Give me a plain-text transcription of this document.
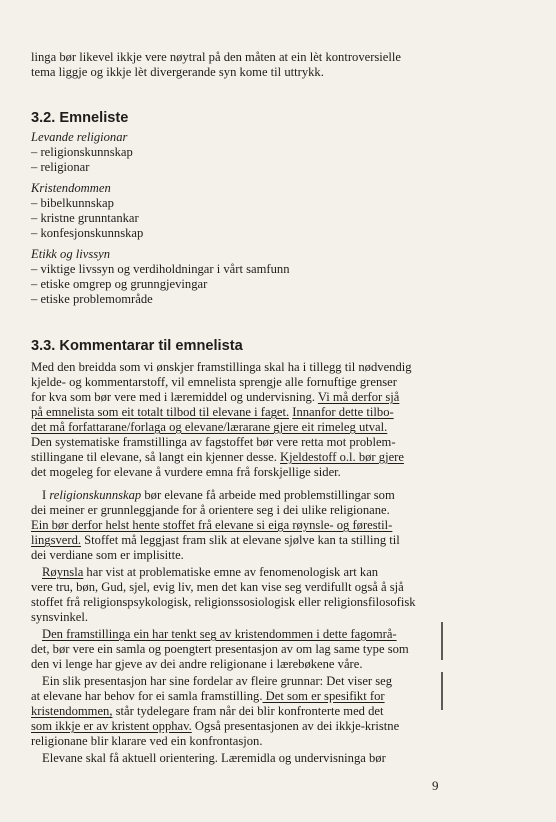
linga bør likevel ikkje vere nøytral på den måten at ein lèt kontroversielle

tema liggje og ikkje lèt divergerande syn kome til uttrykk.

3.2. Emneliste

Levande religionar

– religionskunnskap

– religionar

Kristendommen

– bibelkunnskap

– kristne grunntankar

– konfesjonskunnskap

Etikk og livssyn

– viktige livssyn og verdiholdningar i vårt samfunn

– etiske omgrep og grunngjevingar

– etiske problemområde

3.3. Kommentarar til emnelista

Med den breidda som vi ønskjer framstillinga skal ha i tillegg til nødvendig

kjelde- og kommentarstoff, vil emnelista sprengje alle fornuftige grenser

for kva som bør vere med i læremiddel og undervisning. Vi må derfor sjå

på emnelista som eit totalt tilbod til elevane i faget. Innanfor dette tilbo-

det må forfattarane/forlaga og elevane/lærarane gjere eit rimeleg utval.

Den systematiske framstillinga av fagstoffet bør vere retta mot problem-

stillingane til elevane, så langt ein kjenner desse. Kjeldestoff o.l. bør gjere

det mogeleg for elevane å vurdere emna frå forskjellige sider.

I religionskunnskap bør elevane få arbeide med problemstillingar som

dei meiner er grunnleggjande for å orientere seg i dei ulike religionane.

Ein bør derfor helst hente stoffet frå elevane si eiga røynsle- og førestil-

lingsverd. Stoffet må leggjast fram slik at elevane sjølve kan ta stilling til

dei verdiane som er implisitte.

Røynsla har vist at problematiske emne av fenomenologisk art kan

vere tru, bøn, Gud, sjel, evig liv, men det kan vise seg verdifullt også å sjå

stoffet frå religionspsykologisk, religionssosiologisk eller religionsfilosofisk

synsvinkel.

Den framstillinga ein har tenkt seg av kristendommen i dette fagområ-

det, bør vere ein samla og poengtert presentasjon av om lag same type som

den vi lenge har gjeve av dei andre religionane i lærebøkene våre.

Ein slik presentasjon har sine fordelar av fleire grunnar: Det viser seg

at elevane har behov for ei samla framstilling. Det som er spesifikt for

kristendommen, står tydelegare fram når dei blir konfronterte med det

som ikkje er av kristent opphav. Også presentasjonen av dei ikkje-kristne

religionane blir klarare ved ein konfrontasjon.

Elevane skal få aktuell orientering. Læremidla og undervisninga bør

9
